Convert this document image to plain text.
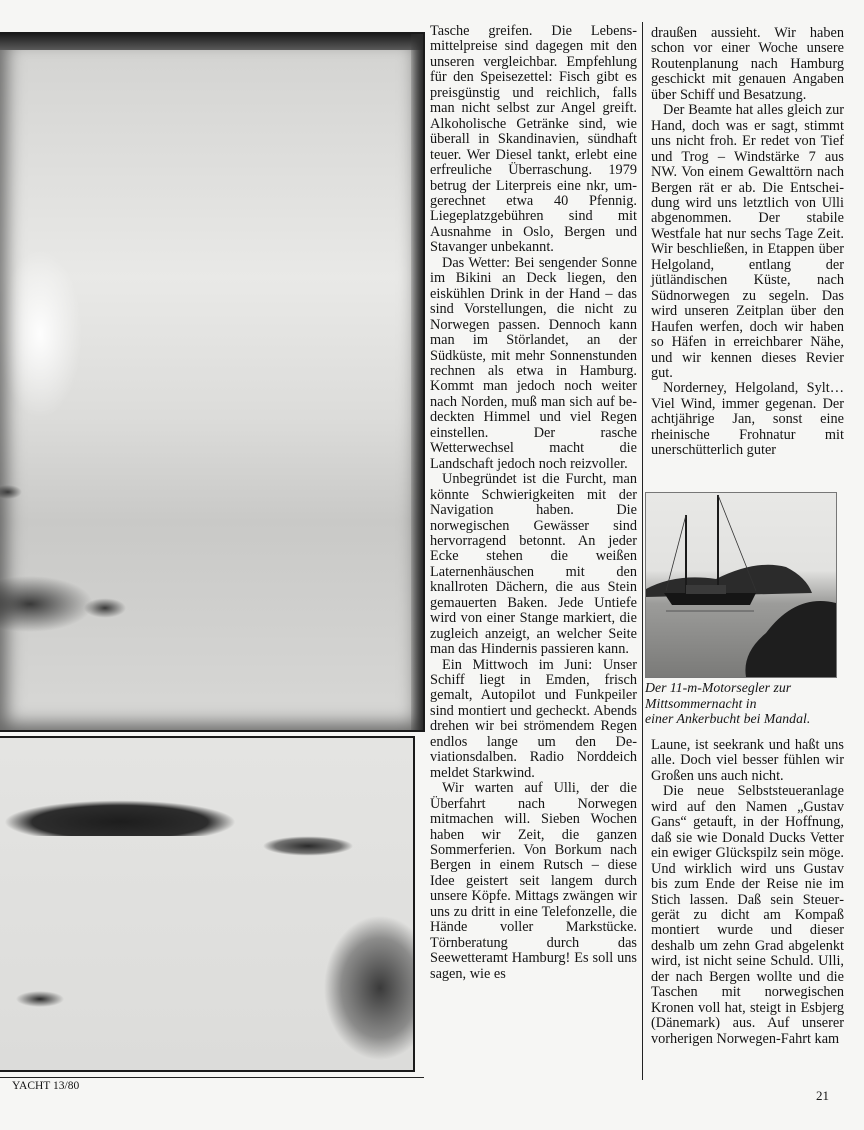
Tasche greifen. Die Lebensmittelpreise sind dagegen mit den unseren vergleichbar. Empfehlung für den Speisezettel: Fisch gibt es preisgünstig und reichlich, falls man nicht selbst zur Angel greift. Alkoholische Getränke sind, wie überall in Skandinavien, sündhaft teuer. Wer Diesel tankt, erlebt eine erfreuliche Überraschung. 1979 betrug der Literpreis eine nkr, umgerechnet etwa 40 Pfennig. Liegeplatzgebühren sind mit Ausnahme in Oslo, Bergen und Stavanger unbekannt.

Das Wetter: Bei sengender Sonne im Bikini an Deck liegen, den eiskühlen Drink in der Hand – das sind Vorstellungen, die nicht zu Norwegen passen. Dennoch kann man im Störlandet, an der Südküste, mit mehr Sonnenstunden rechnen als etwa in Hamburg. Kommt man jedoch noch weiter nach Norden, muß man sich auf bedeckten Himmel und viel Regen einstellen. Der rasche Wetterwechsel macht die Landschaft jedoch noch reizvoller.

Unbegründet ist die Furcht, man könnte Schwierigkeiten mit der Navigation haben. Die norwegischen Gewässer sind hervorragend betonnt. An jeder Ecke stehen die weißen Laternenhäuschen mit den knallroten Dächern, die aus Stein gemauerten Baken. Jede Untiefe wird von einer Stange markiert, die zugleich anzeigt, an welcher Seite man das Hindernis passieren kann.

Ein Mittwoch im Juni: Unser Schiff liegt in Emden, frisch gemalt, Autopilot und Funkpeiler sind montiert und gecheckt. Abends drehen wir bei strömendem Regen endlos lange um den Deviationsdalben. Radio Norddeich meldet Starkwind.

Wir warten auf Ulli, der die Überfahrt nach Norwegen mitmachen will. Sieben Wochen haben wir Zeit, die ganzen Sommerferien. Von Borkum nach Bergen in einem Rutsch – diese Idee geistert seit langem durch unsere Köpfe. Mittags zwängen wir uns zu dritt in eine Telefonzelle, die Hände voller Markstücke. Törnberatung durch das Seewetteramt Hamburg! Es soll uns sagen, wie es

draußen aussieht. Wir haben schon vor einer Woche unsere Routenplanung nach Hamburg geschickt mit genauen Angaben über Schiff und Besatzung.

Der Beamte hat alles gleich zur Hand, doch was er sagt, stimmt uns nicht froh. Er redet von Tief und Trog – Windstärke 7 aus NW. Von einem Gewalttörn nach Bergen rät er ab. Die Entscheidung wird uns letztlich von Ulli abgenommen. Der stabile Westfale hat nur sechs Tage Zeit. Wir beschließen, in Etappen über Helgoland, entlang der jütländischen Küste, nach Südnorwegen zu segeln. Das wird unseren Zeitplan über den Haufen werfen, doch wir haben so Häfen in erreichbarer Nähe, und wir kennen dieses Revier gut.

Norderney, Helgoland, Sylt… Viel Wind, immer gegenan. Der achtjährige Jan, sonst eine rheinische Frohnatur mit unerschütterlich guter

Der 11-m-Motorsegler zur
Mittsommernacht in
einer Ankerbucht bei Mandal.

Laune, ist seekrank und haßt uns alle. Doch viel besser fühlen wir Großen uns auch nicht.

Die neue Selbststeueranlage wird auf den Namen „Gustav Gans“ getauft, in der Hoffnung, daß sie wie Donald Ducks Vetter ein ewiger Glückspilz sein möge. Und wirklich wird uns Gustav bis zum Ende der Reise nie im Stich lassen. Daß sein Steuergerät zu dicht am Kompaß montiert wurde und dieser deshalb um zehn Grad abgelenkt wird, ist nicht seine Schuld. Ulli, der nach Bergen wollte und die Taschen mit norwegischen Kronen voll hat, steigt in Esbjerg (Dänemark) aus. Auf unserer vorherigen Norwegen-Fahrt kam

YACHT 13/80
21
